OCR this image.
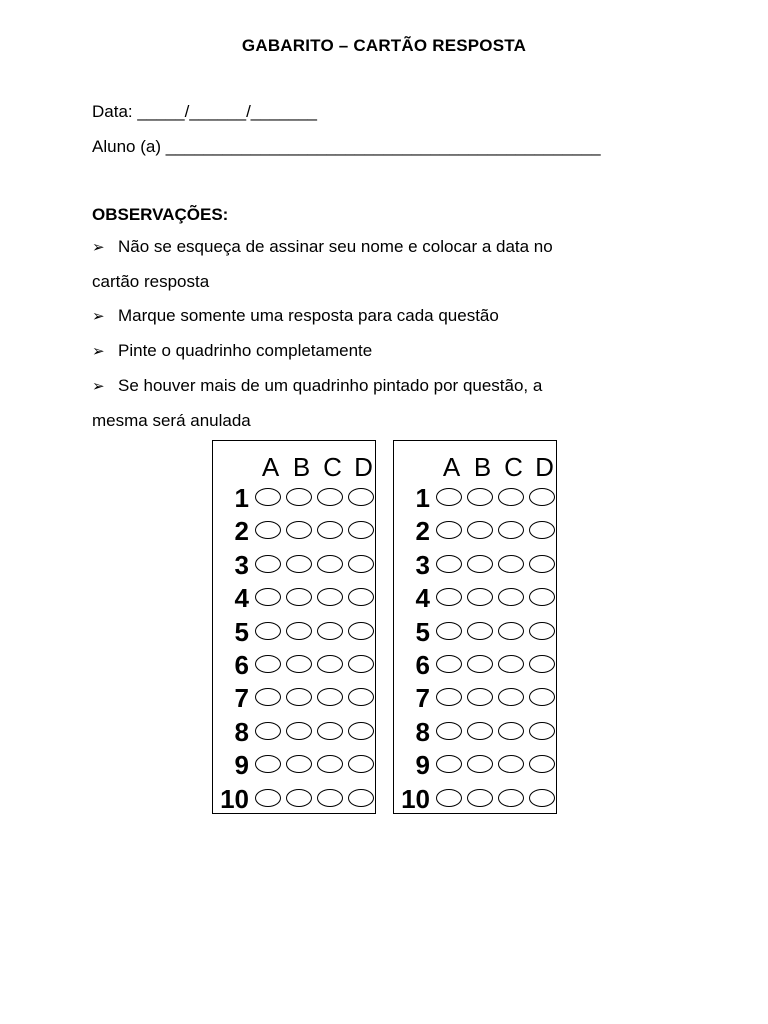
GABARITO – CARTÃO RESPOSTA
Data: _____/______/_______
Aluno (a) ______________________________________________
OBSERVAÇÕES:
➢ Não se esqueça de assinar seu nome e colocar a data no
cartão resposta
➢ Marque somente uma resposta para cada questão
➢ Pinte o quadrinho completamente
➢ Se houver mais de um quadrinho pintado por questão, a
mesma será anulada
A B C D
1
2
3
4
5
6
7
8
9
10
A B C D
1
2
3
4
5
6
7
8
9
10
